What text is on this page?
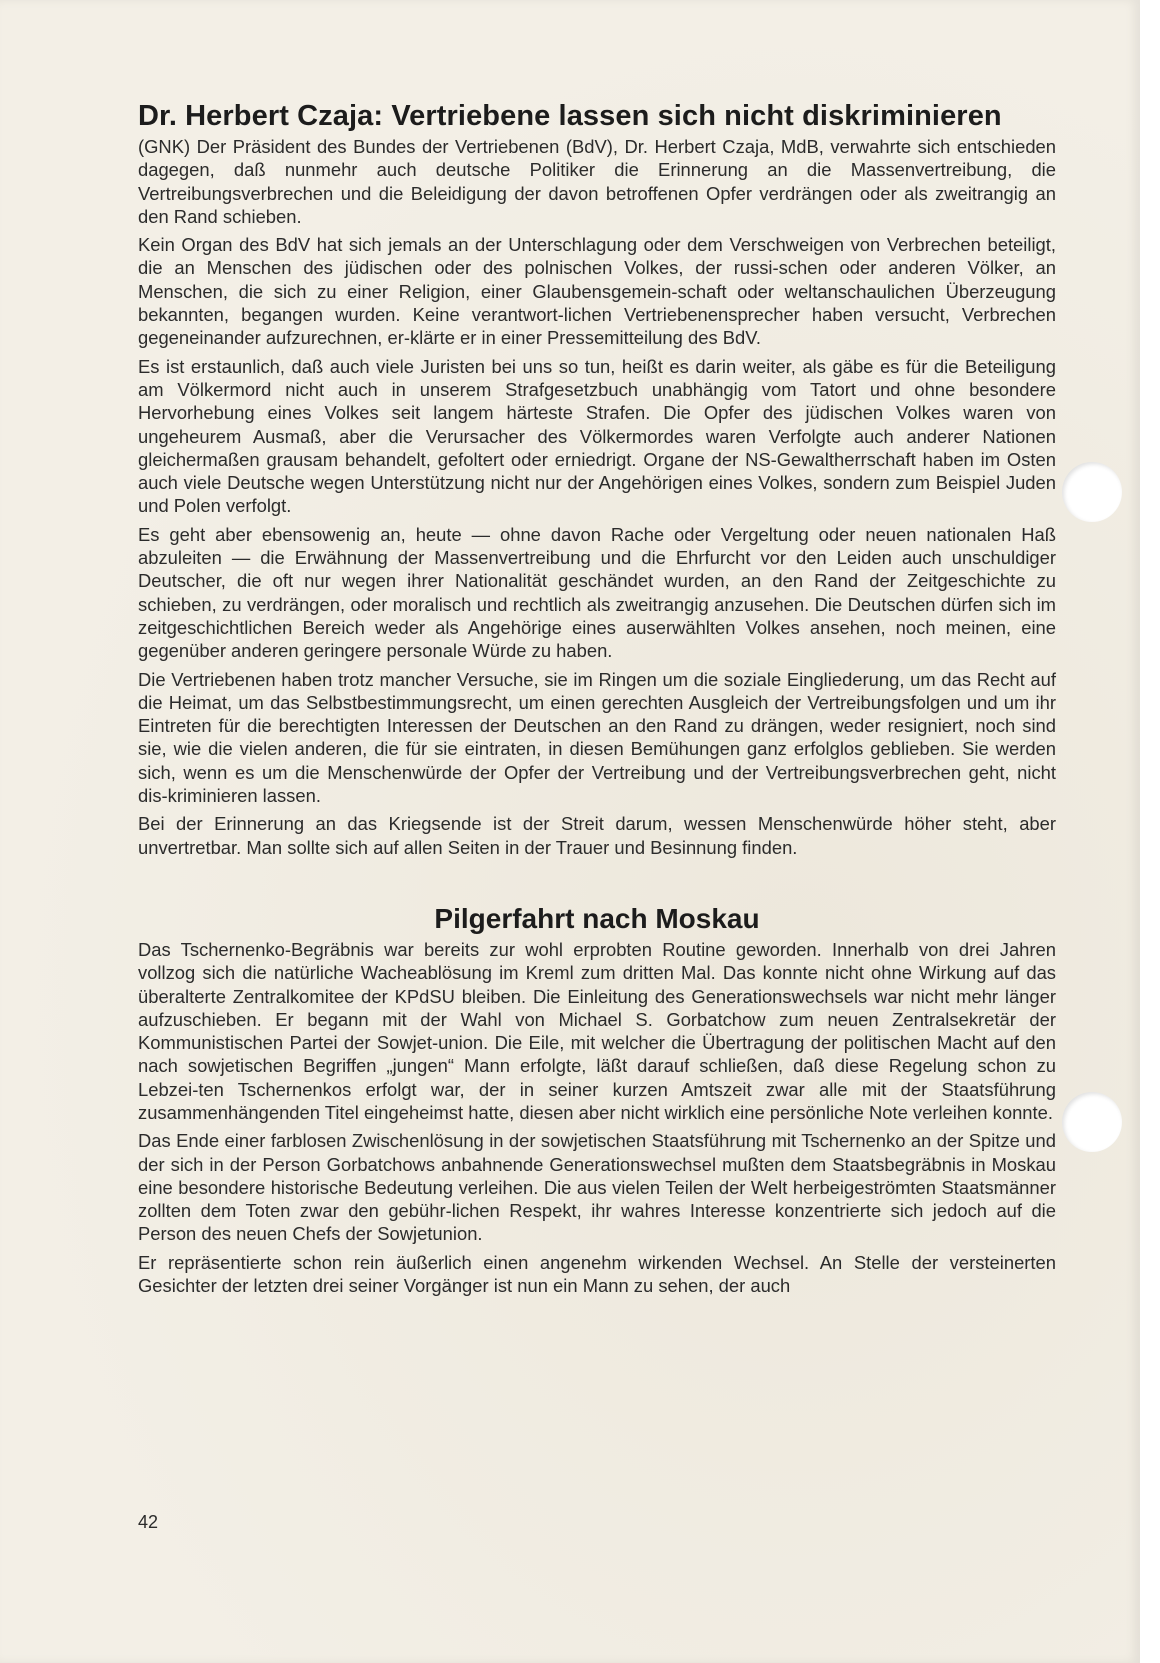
Dr. Herbert Czaja: Vertriebene lassen sich nicht diskriminieren

(GNK) Der Präsident des Bundes der Vertriebenen (BdV), Dr. Herbert Czaja, MdB, verwahrte sich entschieden dagegen, daß nunmehr auch deutsche Politiker die Erinnerung an die Massenvertreibung, die Vertreibungsverbrechen und die Beleidigung der davon betroffenen Opfer verdrängen oder als zweitrangig an den Rand schieben.

Kein Organ des BdV hat sich jemals an der Unterschlagung oder dem Verschweigen von Verbrechen beteiligt, die an Menschen des jüdischen oder des polnischen Volkes, der russi-schen oder anderen Völker, an Menschen, die sich zu einer Religion, einer Glaubensgemein-schaft oder weltanschaulichen Überzeugung bekannten, begangen wurden. Keine verantwort-lichen Vertriebenensprecher haben versucht, Verbrechen gegeneinander aufzurechnen, er-klärte er in einer Pressemitteilung des BdV.

Es ist erstaunlich, daß auch viele Juristen bei uns so tun, heißt es darin weiter, als gäbe es für die Beteiligung am Völkermord nicht auch in unserem Strafgesetzbuch unabhängig vom Tatort und ohne besondere Hervorhebung eines Volkes seit langem härteste Strafen. Die Opfer des jüdischen Volkes waren von ungeheurem Ausmaß, aber die Verursacher des Völkermordes waren Verfolgte auch anderer Nationen gleichermaßen grausam behandelt, gefoltert oder erniedrigt. Organe der NS-Gewaltherrschaft haben im Osten auch viele Deutsche wegen Unterstützung nicht nur der Angehörigen eines Volkes, sondern zum Beispiel Juden und Polen verfolgt.

Es geht aber ebensowenig an, heute — ohne davon Rache oder Vergeltung oder neuen nationalen Haß abzuleiten — die Erwähnung der Massenvertreibung und die Ehrfurcht vor den Leiden auch unschuldiger Deutscher, die oft nur wegen ihrer Nationalität geschändet wurden, an den Rand der Zeitgeschichte zu schieben, zu verdrängen, oder moralisch und rechtlich als zweitrangig anzusehen. Die Deutschen dürfen sich im zeitgeschichtlichen Bereich weder als Angehörige eines auserwählten Volkes ansehen, noch meinen, eine gegenüber anderen geringere personale Würde zu haben.

Die Vertriebenen haben trotz mancher Versuche, sie im Ringen um die soziale Eingliederung, um das Recht auf die Heimat, um das Selbstbestimmungsrecht, um einen gerechten Ausgleich der Vertreibungsfolgen und um ihr Eintreten für die berechtigten Interessen der Deutschen an den Rand zu drängen, weder resigniert, noch sind sie, wie die vielen anderen, die für sie eintraten, in diesen Bemühungen ganz erfolglos geblieben. Sie werden sich, wenn es um die Menschenwürde der Opfer der Vertreibung und der Vertreibungsverbrechen geht, nicht dis-kriminieren lassen.

Bei der Erinnerung an das Kriegsende ist der Streit darum, wessen Menschenwürde höher steht, aber unvertretbar. Man sollte sich auf allen Seiten in der Trauer und Besinnung finden.

Pilgerfahrt nach Moskau

Das Tschernenko-Begräbnis war bereits zur wohl erprobten Routine geworden. Innerhalb von drei Jahren vollzog sich die natürliche Wacheablösung im Kreml zum dritten Mal. Das konnte nicht ohne Wirkung auf das überalterte Zentralkomitee der KPdSU bleiben. Die Einleitung des Generationswechsels war nicht mehr länger aufzuschieben. Er begann mit der Wahl von Michael S. Gorbatchow zum neuen Zentralsekretär der Kommunistischen Partei der Sowjet-union. Die Eile, mit welcher die Übertragung der politischen Macht auf den nach sowjetischen Begriffen „jungen“ Mann erfolgte, läßt darauf schließen, daß diese Regelung schon zu Lebzei-ten Tschernenkos erfolgt war, der in seiner kurzen Amtszeit zwar alle mit der Staatsführung zusammenhängenden Titel eingeheimst hatte, diesen aber nicht wirklich eine persönliche Note verleihen konnte.

Das Ende einer farblosen Zwischenlösung in der sowjetischen Staatsführung mit Tschernenko an der Spitze und der sich in der Person Gorbatchows anbahnende Generationswechsel mußten dem Staatsbegräbnis in Moskau eine besondere historische Bedeutung verleihen. Die aus vielen Teilen der Welt herbeigeströmten Staatsmänner zollten dem Toten zwar den gebühr-lichen Respekt, ihr wahres Interesse konzentrierte sich jedoch auf die Person des neuen Chefs der Sowjetunion.

Er repräsentierte schon rein äußerlich einen angenehm wirkenden Wechsel. An Stelle der versteinerten Gesichter der letzten drei seiner Vorgänger ist nun ein Mann zu sehen, der auch

42
